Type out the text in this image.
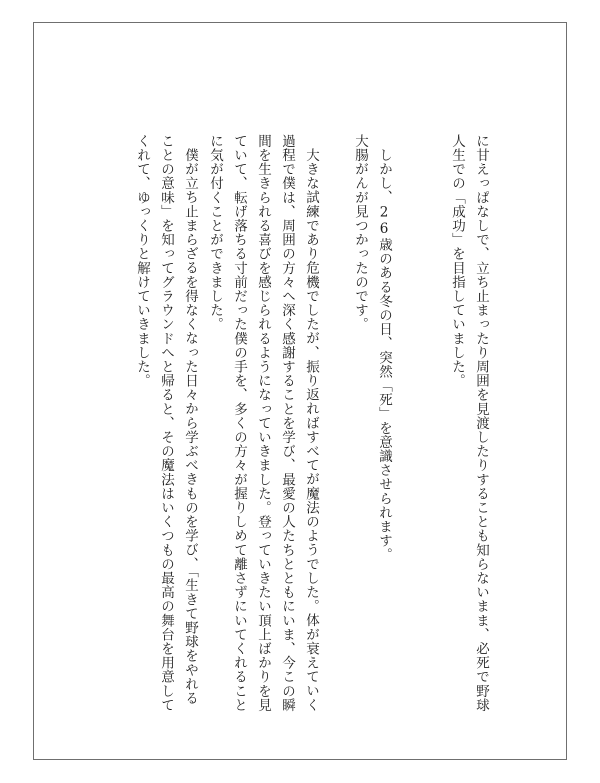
に甘えっぱなしで、立ち止まったり周囲を見渡したりすることも知らないまま、必死で野球
人生での「成功」を目指していました。
しかし、26歳のある冬の日、突然「死」を意識させられます。
大腸がんが見つかったのです。
大きな試練であり危機でしたが、振り返ればすべてが魔法のようでした。体が衰えていく
過程で僕は、周囲の方々へ深く感謝することを学び、最愛の人たちとともにいま、今この瞬
間を生きられる喜びを感じられるようになっていきました。登っていきたい頂上ばかりを見
ていて、転げ落ちる寸前だった僕の手を、多くの方々が握りしめて離さずにいてくれること
に気が付くことができました。
僕が立ち止まらざるを得なくなった日々から学ぶべきものを学び、「生きて野球をやれる
ことの意味」を知ってグラウンドへと帰ると、その魔法はいくつもの最高の舞台を用意して
くれて、ゆっくりと解けていきました。
